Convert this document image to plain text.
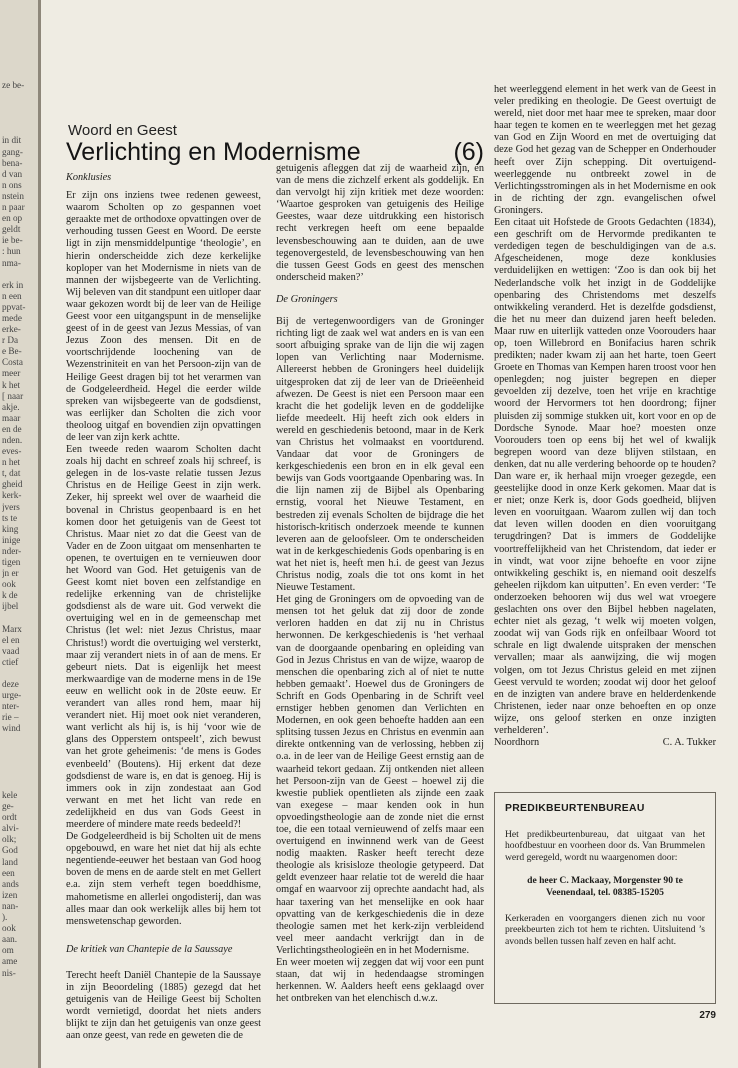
ze be-
in dit
gang-
bena-
d van
n ons
nstein
n paar
en op
geldt
ie be-
: hun
nma-
erk in
n een
ppvat-
mede
erke-
r Da
e Be-
Costa
meer
k het
[ naar
akje.
maar
en de
nden.
eves-
n het
t, dat
gheid
kerk-
jvers
ts te
king
inige
nder-
tigen
jn er
ook
k de
ijbel
Marx
el en
vaad
ctief
deze
urge-
nter-
rie –
wind
kele
ge-
ordt
alvi-
olk;
God
land
een
ands
izen
nan-
).
ook
aan.
om
ame
nis-
Woord en Geest
Verlichting en Modernisme	(6)
Konklusies

Er zijn ons inziens twee redenen geweest, waarom Scholten op zo gespannen voet geraakte met de orthodoxe opvattingen over de verhouding tussen Geest en Woord. De eerste ligt in zijn mensmiddelpuntige ‘theologie’, en hierin onderscheidde zich deze kerkelijke koploper van het Modernisme in niets van de mannen der wijsbegeerte van de Verlichting. Wij beleven van dit standpunt een uitloper daar waar gekozen wordt bij de leer van de Heilige Geest voor een uitgangspunt in de menselijke geest of in de geest van Jezus Messias, of van Jezus Zoon des mensen. Dit en de voortschrijdende loochening van de Wezenstriniteit en van het Persoon-zijn van de Heilige Geest dragen bij tot het verarmen van de Godgeleerdheid. Hegel die eerder wilde spreken van wijsbegeerte van de godsdienst, was eerlijker dan Scholten die zich voor theoloog uitgaf en bovendien zijn opvattingen de leer van zijn kerk achtte.

Een tweede reden waarom Scholten dacht zoals hij dacht en schreef zoals hij schreef, is gelegen in de los-vaste relatie tussen Jezus Christus en de Heilige Geest in zijn werk. Zeker, hij spreekt wel over de waarheid die bovenal in Christus geopenbaard is en het komen door het getuigenis van de Geest tot Christus. Maar niet zo dat die Geest van de Vader en de Zoon uitgaat om mensenharten te openen, te overtuigen en te vernieuwen door het Woord van God. Het getuigenis van de Geest komt niet boven een zelfstandige en redelijke erkenning van de christelijke godsdienst als de ware uit. God verwekt die overtuiging wel en in de gemeenschap met Christus (let wel: niet Jezus Christus, maar Christus!) wordt die overtuiging wel versterkt, maar zij verandert niets in of aan de mens. Er gebeurt niets. Dat is eigenlijk het meest merkwaardige van de moderne mens in de 19e eeuw en wellicht ook in de 20ste eeuw. Er verandert van alles rond hem, maar hij verandert niet. Hij moet ook niet veranderen, want verlicht als hij is, is hij ‘voor wie de glans des Opperstem ontspeelt’, zich bewust van het grote geheimenis: ‘de mens is Godes evenbeeld’ (Boutens). Hij erkent dat deze godsdienst de ware is, en dat is genoeg. Hij is immers ook in zijn zondestaat aan God verwant en met het licht van rede en zedelijkheid en dus van Gods Geest in meerdere of mindere mate reeds bedeeld?!

De Godgeleerdheid is bij Scholten uit de mens opgebouwd, en ware het niet dat hij als echte negentiende-eeuwer het bestaan van God hoog boven de mens en de aarde stelt en met Gellert e.a. zijn stem verheft tegen boeddhisme, mahometisme en allerlei ongodisterij, dan was alles maar dan ook werkelijk alles bij hem tot menswetenschap geworden.

De kritiek van Chantepie de la Saussaye

Terecht heeft Daniël Chantepie de la Saussaye in zijn Beoordeling (1885) gezegd dat het getuigenis van de Heilige Geest bij Scholten wordt vernietigd, doordat het niets anders blijkt te zijn dan het getuigenis van onze geest aan onze geest, van rede en geweten die de

getuigenis afleggen dat zij de waarheid zijn, en van de mens die zichzelf erkent als goddelijk. En dan vervolgt hij zijn kritiek met deze woorden: ‘Waartoe gesproken van getuigenis des Heilige Geestes, waar deze uitdrukking een historisch recht verkregen heeft om eene bepaalde levensbeschouwing aan te duiden, aan de uwe tegenovergesteld, de levensbeschouwing van hen die tussen Geest Gods en geest des menschen onderscheid maken?’

De Groningers

Bij de vertegenwoordigers van de Groninger richting ligt de zaak wel wat anders en is van een soort afbuiging sprake van de lijn die wij zagen lopen van Verlichting naar Modernisme. Allereerst hebben de Groningers heel duidelijk uitgesproken dat zij de leer van de Drieëenheid afwezen. De Geest is niet een Persoon maar een kracht die het godelijk leven en de goddelijke liefde meedeelt. Hij heeft zich ook elders in wereld en geschiedenis betoond, maar in de Kerk van Christus het volmaakst en voortdurend. Vandaar dat voor de Groningers de kerkgeschiedenis een bron en in elk geval een bewijs van Gods voortgaande Openbaring was. In die lijn namen zij de Bijbel als Openbaring ernstig, vooral het Nieuwe Testament, en bestreden zij evenals Scholten de bijdrage die het historisch-kritisch onderzoek meende te kunnen leveren aan de geloofsleer. Om te onderscheiden wat in de kerkgeschiedenis Gods openbaring is en wat het niet is, heeft men h.i. de geest van Jezus Christus nodig, zoals die tot ons komt in het Nieuwe Testament.

Het ging de Groningers om de opvoeding van de mensen tot het geluk dat zij door de zonde verloren hadden en dat zij nu in Christus herwonnen. De kerkgeschiedenis is ‘het verhaal van de doorgaande openbaring en opleiding van God in Jezus Christus en van de wijze, waarop de menschen die openbaring zich al of niet te nutte hebben gemaakt’. Hoewel dus de Groningers de Schrift en Gods Openbaring in de Schrift veel ernstiger hebben genomen dan Verlichten en Modernen, en ook geen behoefte hadden aan een splitsing tussen Jezus en Christus en evenmin aan direkte ontkenning van de verlossing, hebben zij o.a. in de leer van de Heilige Geest ernstig aan de waarheid tekort gedaan. Zij ontkenden niet alleen het Persoon-zijn van de Geest – hoewel zij die kwestie publiek opentlieten als zijnde een zaak van exegese – maar kenden ook in hun opvoedingstheologie aan de zonde niet die ernst toe, die een totaal vernieuwend of zelfs maar een overtuigend en inwinnend werk van de Geest nodig maakten. Rasker heeft terecht deze theologie als krisisloze theologie getypeerd. Dat geldt evenzeer haar relatie tot de wereld die haar omgaf en waarvoor zij oprechte aandacht had, als haar taxering van het menselijke en ook haar opvatting van de kerkgeschiedenis die in deze theologie samen met het kerk-zijn verbleidend veel meer aandacht verkrijgt dan in de Verlichtingstheologieën en in het Modernisme.

En weer moeten wij zeggen dat wij voor een punt staan, dat wij in hedendaagse stromingen herkennen. W. Aalders heeft eens geklaagd over het ontbreken van het elenchisch d.w.z.

het weerleggend element in het werk van de Geest in veler prediking en theologie. De Geest overtuigt de wereld, niet door met haar mee te spreken, maar door haar tegen te komen en te weerleggen met het gezag van God en Zijn Woord en met de overtuiging dat deze God het gezag van de Schepper en Onderhouder heeft over Zijn schepping. Dit overtuigend-weerleggende nu ontbreekt zowel in de Verlichtingsstromingen als in het Modernisme en ook in de richting der zgn. evangelischen ofwel Groningers.

Een citaat uit Hofstede de Groots Gedachten (1834), een geschrift om de Hervormde predikanten te verdedigen tegen de beschuldigingen van de a.s. Afgescheidenen, moge deze konklusies verduidelijken en wettigen: ‘Zoo is dan ook bij het Nederlandsche volk het inzigt in de Goddelijke openbaring des Christendoms met deszelfs ontwikkeling veranderd. Het is dezelfde godsdienst, die het nu meer dan duizend jaren heeft beleden. Maar ruw en uiterlijk vatteden onze Voorouders haar op, toen Willebrord en Bonifacius haren schrik predikten; nader kwam zij aan het harte, toen Geert Groete en Thomas van Kempen haren troost voor hen openlegden; nog juister begrepen en dieper gevoelden zij dezelve, toen het vrije en krachtige woord der Hervormers tot hen doordrong; fijner pluisden zij sommige stukken uit, kort voor en op de Dordsche Synode. Maar hoe? moesten onze Voorouders toen op eens bij het wel of kwalijk begrepen woord van deze blijven stilstaan, en denken, dat nu alle verdering behoorde op te houden? Dan ware er, ik herhaal mijn vroeger gezegde, een geestelijke dood in onze Kerk gekomen. Maar dat is er niet; onze Kerk is, door Gods goedheid, blijven leven en vooruitgaan. Waarom zullen wij dan toch dat leven willen dooden en dien vooruitgang terugdringen? Dat is immers de Goddelijke voortreffelijkheid van het Christendom, dat ieder er in vindt, wat voor zijne behoefte en voor zijne ontwikkeling geschikt is, en niemand ooit deszelfs geheelen rijkdom kan uitputten’. En even verder: ‘Te onderzoeken behooren wij dus wel wat vroegere geslachten ons over den Bijbel hebben nagelaten, echter niet als gezag, ‘t welk wij moeten volgen, zoodat wij van Gods rijk en onfeilbaar Woord tot schrale en ligt dwalende uitspraken der menschen vervallen; maar als aanwijzing, die wij mogen volgen, om tot Jezus Christus geleid en met zijnen Geest vervuld te worden; zoodat wij door het geloof en de inzigten van andere brave en helderdenkende Christenen, ieder naar onze behoeften en op onze wijze, ons geloof sterken en onze inzigten verhelderen’.

Noordhorn	C. A. Tukker
PREDIKBEURTENBUREAU

Het predikbeurtenbureau, dat uitgaat van het hoofdbestuur en voorheen door ds. Van Brummelen werd geregeld, wordt nu waargenomen door:

de heer C. Mackaay, Morgenster 90 te Veenendaal, tel. 08385-15205

Kerkeraden en voorgangers dienen zich nu voor preekbeurten zich tot hem te richten. Uitsluitend ’s avonds bellen tussen half zeven en half acht.

279
